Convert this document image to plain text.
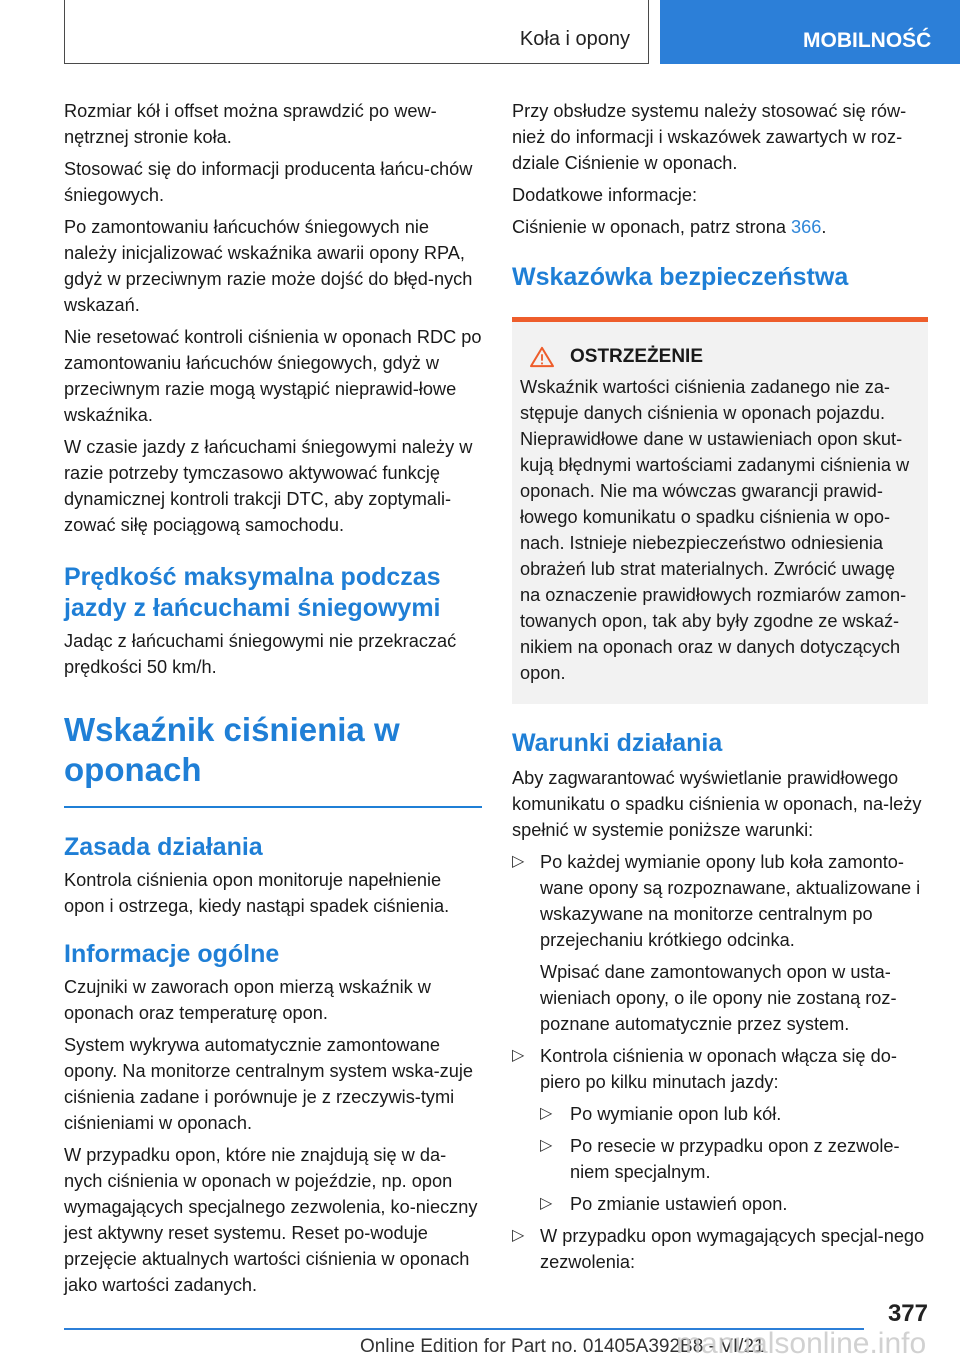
Koła i opony	MOBILNOŚĆ

Rozmiar kół i offset można sprawdzić po wew-nętrznej stronie koła.

Stosować się do informacji producenta łańcu-chów śniegowych.

Po zamontowaniu łańcuchów śniegowych nie należy inicjalizować wskaźnika awarii opony RPA, gdyż w przeciwnym razie może dojść do błęd-nych wskazań.

Nie resetować kontroli ciśnienia w oponach RDC po zamontowaniu łańcuchów śniegowych, gdyż w przeciwnym razie mogą wystąpić nieprawid-łowe wskaźnika.

W czasie jazdy z łańcuchami śniegowymi należy w razie potrzeby tymczasowo aktywować funkcję dynamicznej kontroli trakcji DTC, aby zoptymali-zować siłę pociągową samochodu.

Prędkość maksymalna podczas jazdy z łańcuchami śniegowymi

Jadąc z łańcuchami śniegowymi nie przekraczać prędkości 50 km/h.

Wskaźnik ciśnienia w oponach
Zasada działania

Kontrola ciśnienia opon monitoruje napełnienie opon i ostrzega, kiedy nastąpi spadek ciśnienia.

Informacje ogólne

Czujniki w zaworach opon mierzą wskaźnik w oponach oraz temperaturę opon.

System wykrywa automatycznie zamontowane opony. Na monitorze centralnym system wska-zuje ciśnienia zadane i porównuje je z rzeczywis-tymi ciśnieniami w oponach.

W przypadku opon, które nie znajdują się w da-nych ciśnienia w oponach w pojeździe, np. opon wymagających specjalnego zezwolenia, ko-nieczny jest aktywny reset systemu. Reset po-woduje przejęcie aktualnych wartości ciśnienia w oponach jako wartości zadanych.

Przy obsłudze systemu należy stosować się rów-nież do informacji i wskazówek zawartych w roz-dziale Ciśnienie w oponach.

Dodatkowe informacje:

Ciśnienie w oponach, patrz strona 366.

Wskazówka bezpieczeństwa
OSTRZEŻENIE

Wskaźnik wartości ciśnienia zadanego nie za-stępuje danych ciśnienia w oponach pojazdu. Nieprawidłowe dane w ustawieniach opon skut-kują błędnymi wartościami zadanymi ciśnienia w oponach. Nie ma wówczas gwarancji prawid-łowego komunikatu o spadku ciśnienia w opo-nach. Istnieje niebezpieczeństwo odniesienia obrażeń lub strat materialnych. Zwrócić uwagę na oznaczenie prawidłowych rozmiarów zamon-towanych opon, tak aby były zgodne ze wskaź-nikiem na oponach oraz w danych dotyczących opon.

Warunki działania

Aby zagwarantować wyświetlanie prawidłowego komunikatu o spadku ciśnienia w oponach, na-leży spełnić w systemie poniższe warunki:

▷ Po każdej wymianie opony lub koła zamonto-wane opony są rozpoznawane, aktualizowane i wskazywane na monitorze centralnym po przejechaniu krótkiego odcinka.

Wpisać dane zamontowanych opon w usta-wieniach opony, o ile opony nie zostaną roz-poznane automatycznie przez system.

▷ Kontrola ciśnienia w oponach włącza się do-piero po kilku minutach jazdy:

▷ Po wymianie opon lub kół.

▷ Po resecie w przypadku opon z zezwole-niem specjalnym.

▷ Po zmianie ustawień opon.

▷ W przypadku opon wymagających specjal-nego zezwolenia:

377
Online Edition for Part no. 01405A392B8 - VI/21
manualsonline.info
